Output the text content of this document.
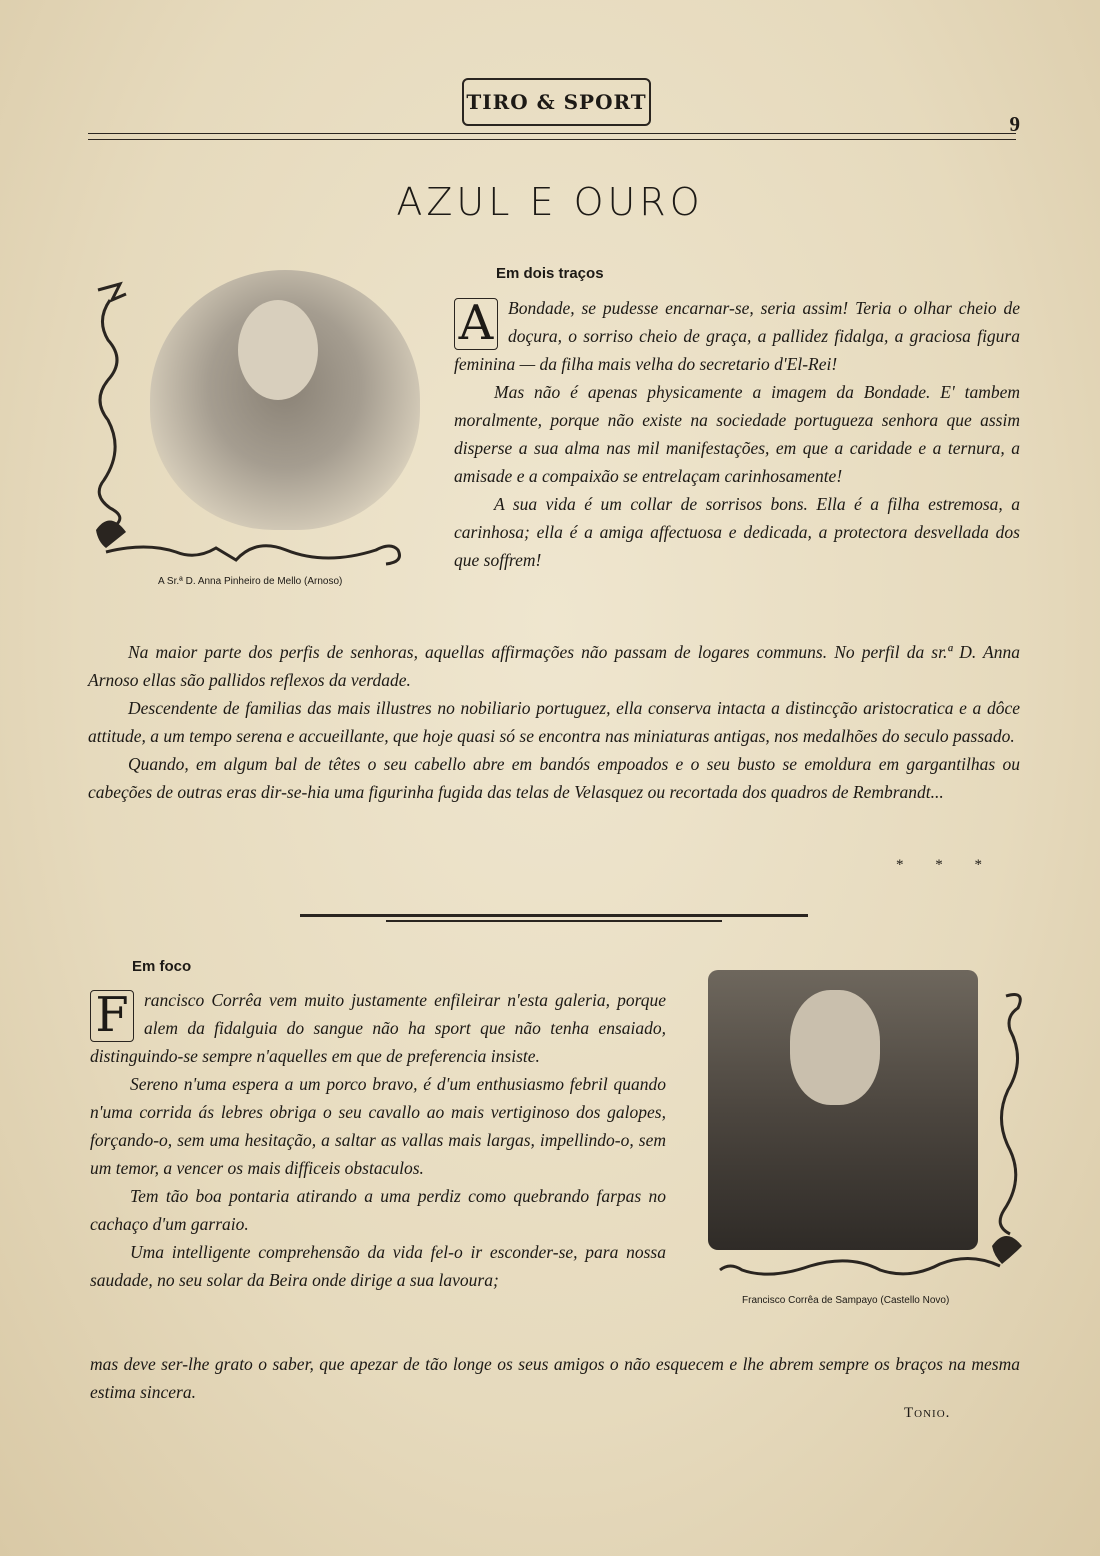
TIRO & SPORT
9
AZUL E OURO
A Sr.ª D. Anna Pinheiro de Mello (Arnoso)
Em dois traços

A Bondade, se pudesse encarnar-se, seria assim! Teria o olhar cheio de doçura, o sorriso cheio de graça, a pallidez fidalga, a graciosa figura feminina — da filha mais velha do secretario d'El-Rei!

Mas não é apenas physicamente a imagem da Bondade. E' tambem moralmente, porque não existe na sociedade portugueza senhora que assim disperse a sua alma nas mil manifestações, em que a caridade e a ternura, a amisade e a compaixão se entrelaçam carinhosamente!

A sua vida é um collar de sorrisos bons. Ella é a filha estremosa, a carinhosa; ella é a amiga affectuosa e dedicada, a protectora desvellada dos que soffrem!

Na maior parte dos perfis de senhoras, aquellas affirmações não passam de logares communs. No perfil da sr.ª D. Anna Arnoso ellas são pallidos reflexos da verdade.

Descendente de familias das mais illustres no nobiliario portuguez, ella conserva intacta a distincção aristocratica e a dôce attitude, a um tempo serena e accueillante, que hoje quasi só se encontra nas miniaturas antigas, nos medalhões do seculo passado.

Quando, em algum bal de têtes o seu cabello abre em bandós empoados e o seu busto se emoldura em gargantilhas ou cabeções de outras eras dir-se-hia uma figurinha fugida das telas de Velasquez ou recortada dos quadros de Rembrandt...

* * *
Em foco

F rancisco Corrêa vem muito justamente enfileirar n'esta galeria, porque alem da fidalguia do sangue não ha sport que não tenha ensaiado, distinguindo-se sempre n'aquelles em que de preferencia insiste.

Sereno n'uma espera a um porco bravo, é d'um enthusiasmo febril quando n'uma corrida ás lebres obriga o seu cavallo ao mais vertiginoso dos galopes, forçando-o, sem uma hesitação, a saltar as vallas mais largas, impellindo-o, sem um temor, a vencer os mais difficeis obstaculos.

Tem tão boa pontaria atirando a uma perdiz como quebrando farpas no cachaço d'um garraio.

Uma intelligente comprehensão da vida fel-o ir esconder-se, para nossa saudade, no seu solar da Beira onde dirige a sua lavoura;

Francisco Corrêa de Sampayo (Castello Novo)

mas deve ser-lhe grato o saber, que apezar de tão longe os seus amigos o não esquecem e lhe abrem sempre os braços na mesma estima sincera.

Tonio.
